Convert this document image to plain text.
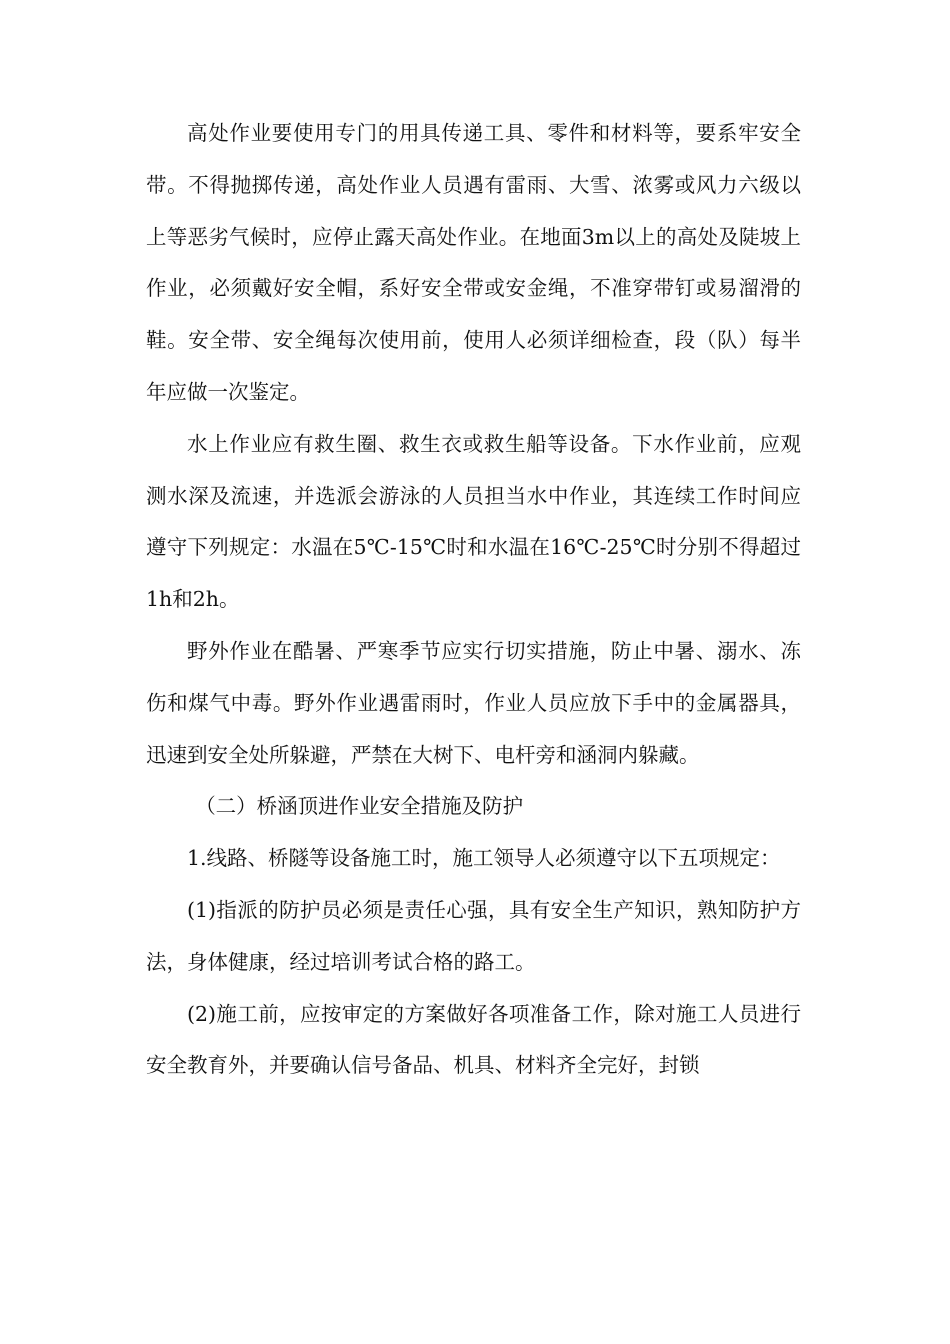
高处作业要使用专门的用具传递工具、零件和材料等，要系牢安全带。不得抛掷传递，高处作业人员遇有雷雨、大雪、浓雾或风力六级以上等恶劣气候时，应停止露天高处作业。在地面3m以上的高处及陡坡上作业，必须戴好安全帽，系好安全带或安金绳，不准穿带钉或易溜滑的鞋。安全带、安全绳每次使用前，使用人必须详细检查，段（队）每半年应做一次鉴定。

水上作业应有救生圈、救生衣或救生船等设备。下水作业前，应观测水深及流速，并选派会游泳的人员担当水中作业，其连续工作时间应遵守下列规定：水温在5℃-15℃时和水温在16℃-25℃时分别不得超过1h和2h。

野外作业在酷暑、严寒季节应实行切实措施，防止中暑、溺水、冻伤和煤气中毒。野外作业遇雷雨时，作业人员应放下手中的金属器具，迅速到安全处所躲避，严禁在大树下、电杆旁和涵洞内躲藏。

（二）桥涵顶进作业安全措施及防护

1.线路、桥隧等设备施工时，施工领导人必须遵守以下五项规定：

(1)指派的防护员必须是责任心强，具有安全生产知识，熟知防护方法，身体健康，经过培训考试合格的路工。

(2)施工前，应按审定的方案做好各项准备工作，除对施工人员进行安全教育外，并要确认信号备品、机具、材料齐全完好，封锁
